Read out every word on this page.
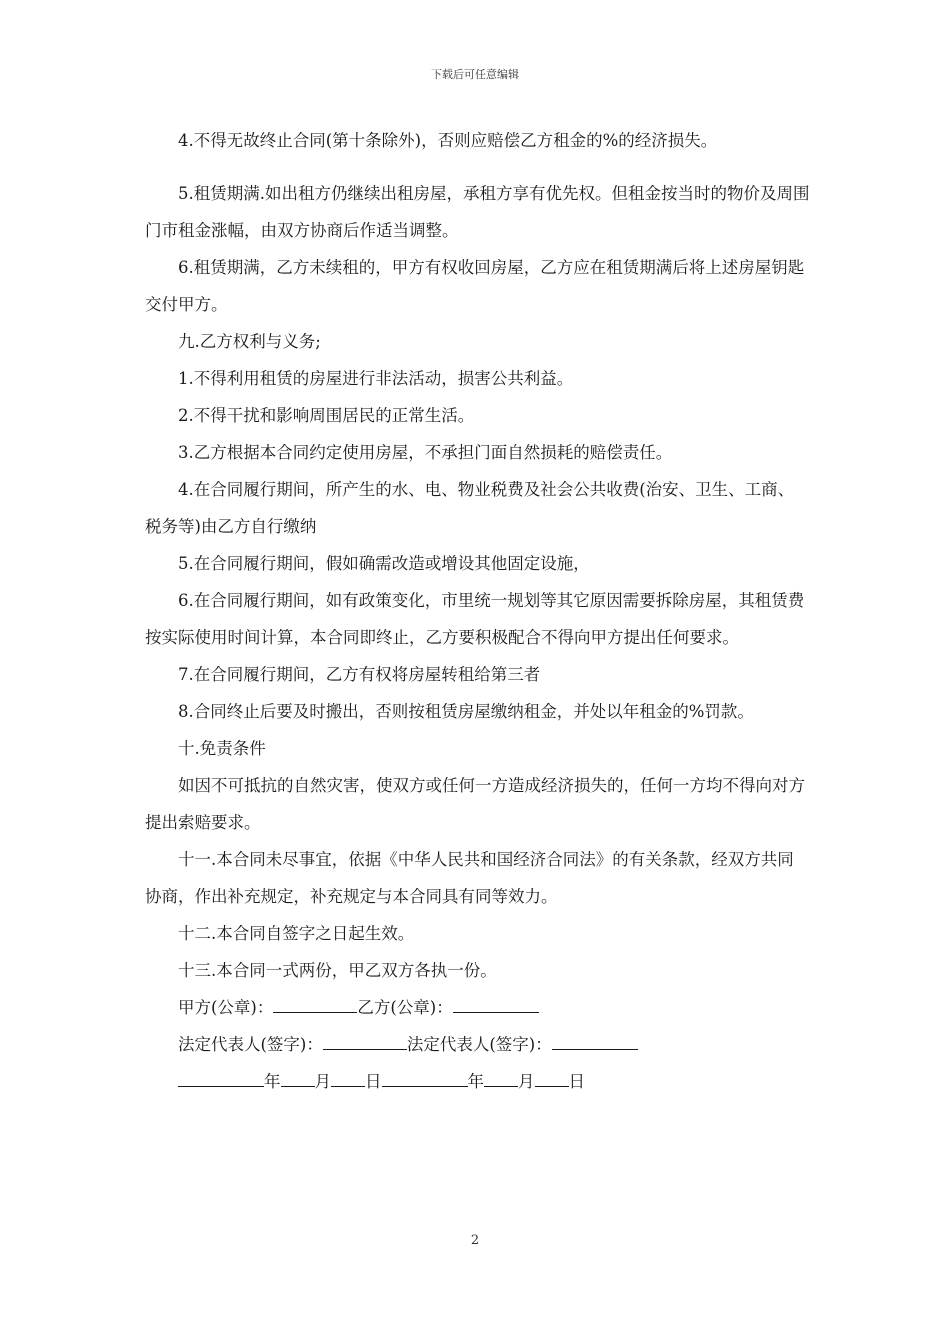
下载后可任意编辑

4.不得无故终止合同(第十条除外)，否则应赔偿乙方租金的%的经济损失。

5.租赁期满.如出租方仍继续出租房屋，承租方享有优先权。但租金按当时的物价及周围门市租金涨幅，由双方协商后作适当调整。

6.租赁期满，乙方未续租的，甲方有权收回房屋，乙方应在租赁期满后将上述房屋钥匙交付甲方。

九.乙方权利与义务;

1.不得利用租赁的房屋进行非法活动，损害公共利益。

2.不得干扰和影响周围居民的正常生活。

3.乙方根据本合同约定使用房屋，不承担门面自然损耗的赔偿责任。

4.在合同履行期间，所产生的水、电、物业税费及社会公共收费(治安、卫生、工商、税务等)由乙方自行缴纳

5.在合同履行期间，假如确需改造或增设其他固定设施，

6.在合同履行期间，如有政策变化，市里统一规划等其它原因需要拆除房屋，其租赁费按实际使用时间计算，本合同即终止，乙方要积极配合不得向甲方提出任何要求。

7.在合同履行期间，乙方有权将房屋转租给第三者

8.合同终止后要及时搬出，否则按租赁房屋缴纳租金，并处以年租金的%罚款。

十.免责条件

如因不可抵抗的自然灾害，使双方或任何一方造成经济损失的，任何一方均不得向对方提出索赔要求。

十一.本合同未尽事宜，依据《中华人民共和国经济合同法》的有关条款，经双方共同协商，作出补充规定，补充规定与本合同具有同等效力。

十二.本合同自签字之日起生效。

十三.本合同一式两份，甲乙双方各执一份。

甲方(公章)：	乙方(公章)：

法定代表人(签字)：	法定代表人(签字)：

年 月 日	年 月 日

2
